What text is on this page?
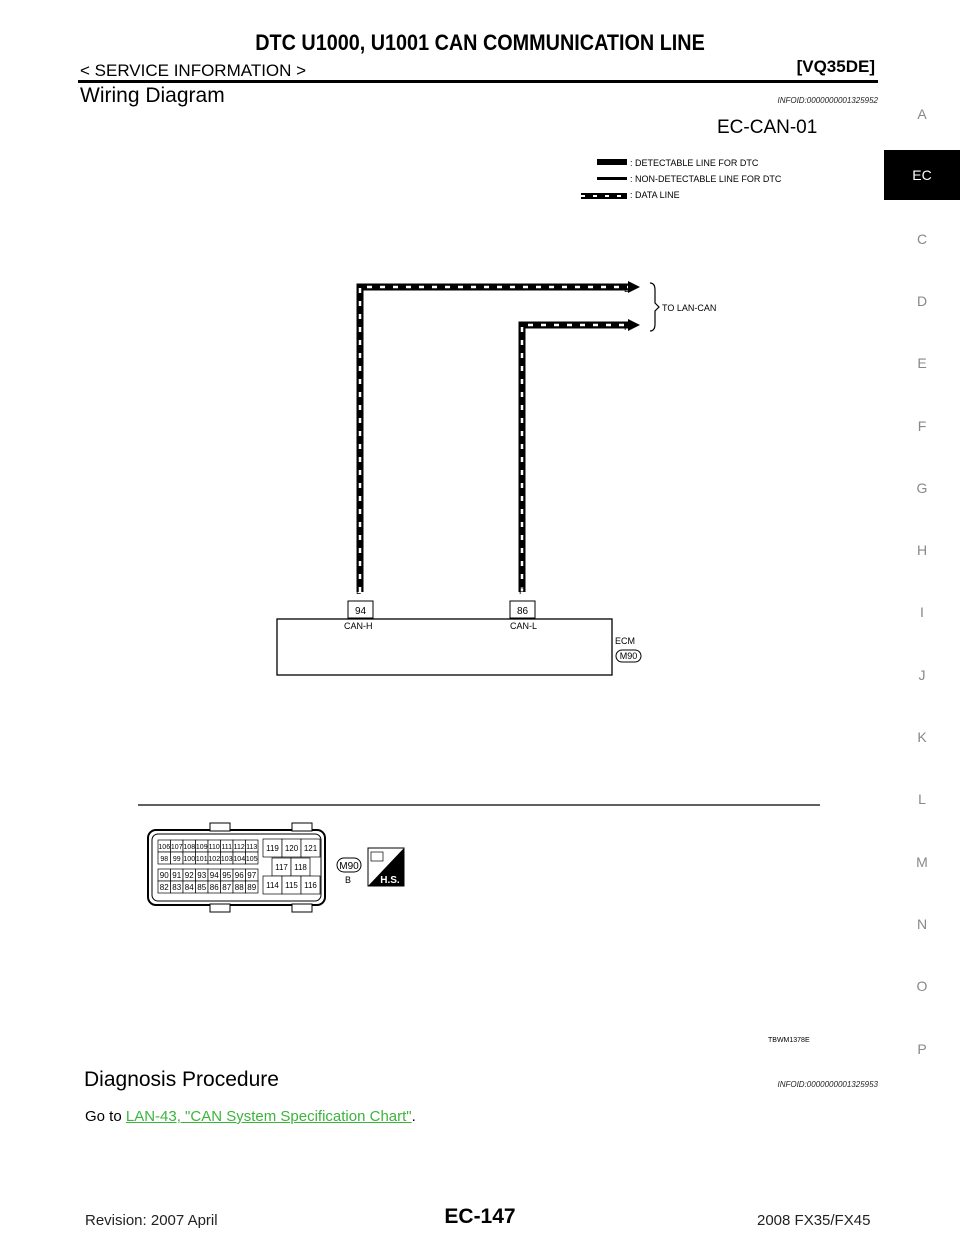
DTC U1000, U1001 CAN COMMUNICATION LINE
< SERVICE INFORMATION >	[VQ35DE]
Wiring Diagram	INFOID:0000000001325952
EC-CAN-01
: DETECTABLE LINE FOR DTC
: NON-DETECTABLE LINE FOR DTC
: DATA LINE
L
P
TO LAN-CAN
L	P
94	86
CAN-H	CAN-L
ECM
M90
106 107 108 109 110 111 112 113
98 99 100 101 102 103 104 105
90 91 92 93 94 95 96 97
82 83 84 85 86 87 88 89
119 120 121
117 118
114 115 116
M90
B	H.S.
TBWM1378E
Diagnosis Procedure	INFOID:0000000001325953
Go to LAN-43, "CAN System Specification Chart".
A
EC
C
D
E
F
G
H
I
J
K
L
M
N
O
P
Revision: 2007 April	EC-147	2008 FX35/FX45
